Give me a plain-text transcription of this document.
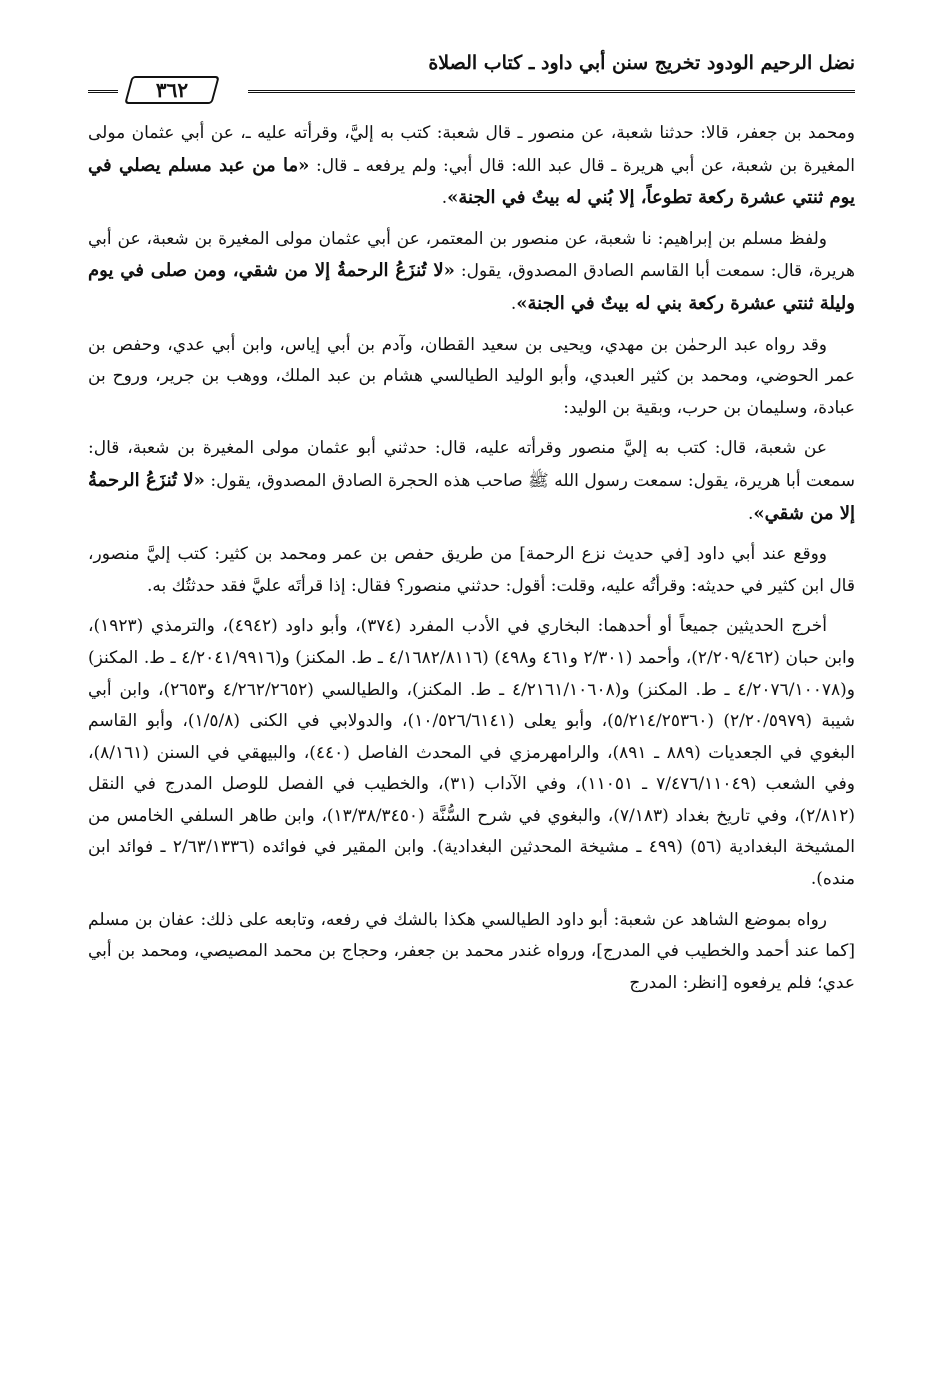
نضل الرحيم الودود تخريج سنن أبي داود ـ كتاب الصلاة
٣٦٢

ومحمد بن جعفر، قالا: حدثنا شعبة، عن منصور ـ قال شعبة: كتب به إليَّ، وقرأته عليه ـ، عن أبي عثمان مولى المغيرة بن شعبة، عن أبي هريرة ـ قال عبد الله: قال أبي: ولم يرفعه ـ قال: «ما من عبد مسلم يصلي في يوم ثنتي عشرة ركعة تطوعاً، إلا بُني له بيتٌ في الجنة».

ولفظ مسلم بن إبراهيم: نا شعبة، عن منصور بن المعتمر، عن أبي عثمان مولى المغيرة بن شعبة، عن أبي هريرة، قال: سمعت أبا القاسم الصادق المصدوق، يقول: «لا تُنزَعُ الرحمةُ إلا من شقي، ومن صلى في يوم وليلة ثنتي عشرة ركعة بني له بيتٌ في الجنة».

وقد رواه عبد الرحمٰن بن مهدي، ويحيى بن سعيد القطان، وآدم بن أبي إياس، وابن أبي عدي، وحفص بن عمر الحوضي، ومحمد بن كثير العبدي، وأبو الوليد الطيالسي هشام بن عبد الملك، ووهب بن جرير، وروح بن عبادة، وسليمان بن حرب، وبقية بن الوليد:

عن شعبة، قال: كتب به إليَّ منصور وقرأته عليه، قال: حدثني أبو عثمان مولى المغيرة بن شعبة، قال: سمعت أبا هريرة، يقول: سمعت رسول الله ﷺ صاحب هذه الحجرة الصادق المصدوق، يقول: «لا تُنزَعُ الرحمةُ إلا من شقي».

ووقع عند أبي داود [في حديث نزع الرحمة] من طريق حفص بن عمر ومحمد بن كثير: كتب إليَّ منصور، قال ابن كثير في حديثه: وقرأتُه عليه، وقلت: أقول: حدثني منصور؟ فقال: إذا قرأتَه عليَّ فقد حدثتُك به.

أخرج الحديثين جميعاً أو أحدهما: البخاري في الأدب المفرد (٣٧٤)، وأبو داود (٤٩٤٢)، والترمذي (١٩٢٣)، وابن حبان (٢/٢٠٩/٤٦٢)، وأحمد (٢/٣٠١ و٤٦١ و٤٩٨) (٤/١٦٨٢/٨١١٦ ـ ط. المكنز) و(٤/٢٠٤١/٩٩١٦ ـ ط. المكنز) و(٤/٢٠٧٦/١٠٠٧٨ ـ ط. المكنز) و(٤/٢١٦١/١٠٦٠٨ ـ ط. المكنز)، والطيالسي (٤/٢٦٢/٢٦٥٢ و٢٦٥٣)، وابن أبي شيبة (٢/٢٠/٥٩٧٩) (٥/٢١٤/٢٥٣٦٠)، وأبو يعلى (١٠/٥٢٦/٦١٤١)، والدولابي في الكنى (١/٥/٨)، وأبو القاسم البغوي في الجعديات (٨٨٩ ـ ٨٩١)، والرامهرمزي في المحدث الفاصل (٤٤٠)، والبيهقي في السنن (٨/١٦١)، وفي الشعب (٧/٤٧٦/١١٠٤٩ ـ ١١٠٥١)، وفي الآداب (٣١)، والخطيب في الفصل للوصل المدرج في النقل (٢/٨١٢)، وفي تاريخ بغداد (٧/١٨٣)، والبغوي في شرح السُّنَّة (١٣/٣٨/٣٤٥٠)، وابن طاهر السلفي الخامس من المشيخة البغدادية (٥٦) (٤٩٩ ـ مشيخة المحدثين البغدادية). وابن المقير في فوائده (٢/٦٣/١٣٣٦ ـ فوائد ابن منده).

رواه بموضع الشاهد عن شعبة: أبو داود الطيالسي هكذا بالشك في رفعه، وتابعه على ذلك: عفان بن مسلم [كما عند أحمد والخطيب في المدرج]، ورواه غندر محمد بن جعفر، وحجاج بن محمد المصيصي، ومحمد بن أبي عدي؛ فلم يرفعوه [انظر: المدرج
